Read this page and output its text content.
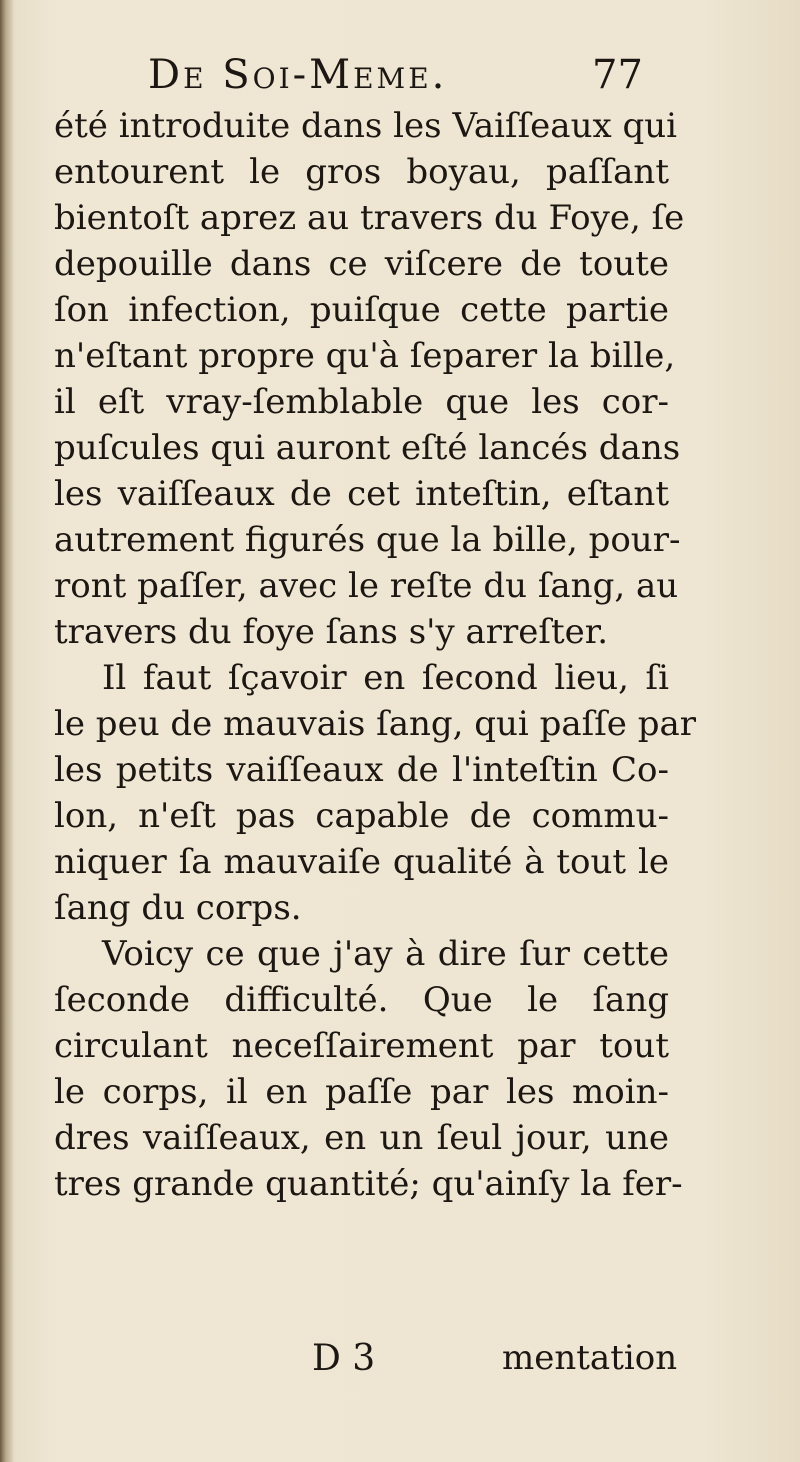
De Soi-Meme.	77
été introduite dans les Vaiſſeaux qui
entourent le gros boyau, paſſant
bientoſt aprez au travers du Foye, ſe
depouille dans ce viſcere de toute
ſon infection, puiſque cette partie
n'eſtant propre qu'à ſeparer la bille,
il eſt vray-ſemblable que les cor-
puſcules qui auront eſté lancés dans
les vaiſſeaux de cet inteſtin, eſtant
autrement figurés que la bille, pour-
ront paſſer, avec le reſte du ſang, au
travers du foye ſans s'y arreſter.
Il faut ſçavoir en ſecond lieu, ſi
le peu de mauvais ſang, qui paſſe par
les petits vaiſſeaux de l'inteſtin Co-
lon, n'eſt pas capable de commu-
niquer ſa mauvaiſe qualité à tout le
ſang du corps.
Voicy ce que j'ay à dire ſur cette
ſeconde difficulté. Que le ſang
circulant neceſſairement par tout
le corps, il en paſſe par les moin-
dres vaiſſeaux, en un ſeul jour, une
tres grande quantité; qu'ainſy la fer-
D 3	mentation
